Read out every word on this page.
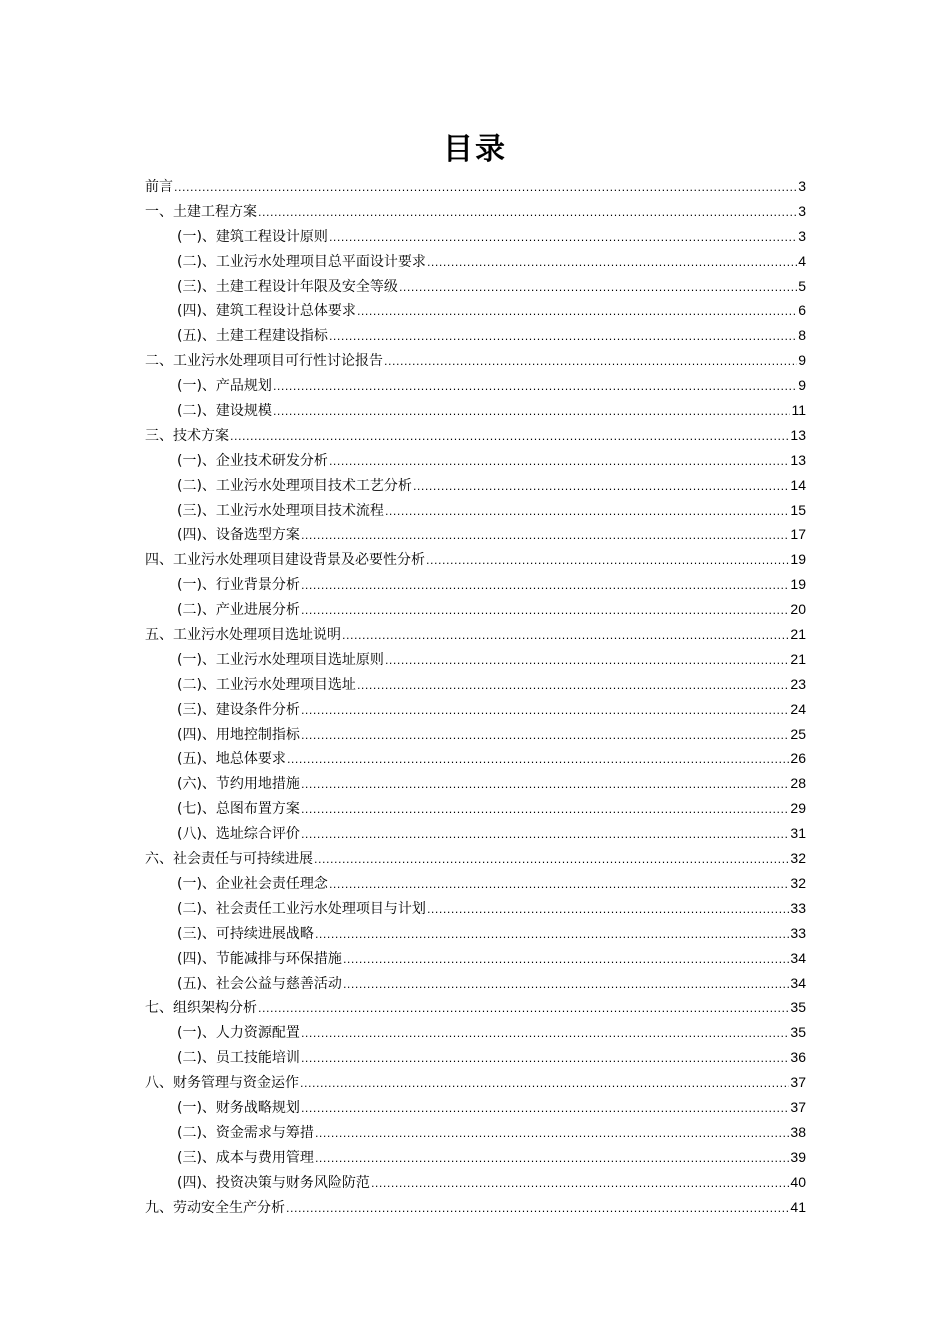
目录
前言 .....	3
一、土建工程方案 .....	3
(一)、建筑工程设计原则 .....	3
(二)、工业污水处理项目总平面设计要求 .....	4
(三)、土建工程设计年限及安全等级 .....	5
(四)、建筑工程设计总体要求 .....	6
(五)、土建工程建设指标 .....	8
二、工业污水处理项目可行性讨论报告 .....	9
(一)、产品规划 .....	9
(二)、建设规模 .....	11
三、技术方案 .....	13
(一)、企业技术研发分析 .....	13
(二)、工业污水处理项目技术工艺分析 .....	14
(三)、工业污水处理项目技术流程 .....	15
(四)、设备选型方案 .....	17
四、工业污水处理项目建设背景及必要性分析 .....	19
(一)、行业背景分析 .....	19
(二)、产业进展分析 .....	20
五、工业污水处理项目选址说明 .....	21
(一)、工业污水处理项目选址原则 .....	21
(二)、工业污水处理项目选址 .....	23
(三)、建设条件分析 .....	24
(四)、用地控制指标 .....	25
(五)、地总体要求 .....	26
(六)、节约用地措施 .....	28
(七)、总图布置方案 .....	29
(八)、选址综合评价 .....	31
六、社会责任与可持续进展 .....	32
(一)、企业社会责任理念 .....	32
(二)、社会责任工业污水处理项目与计划 .....	33
(三)、可持续进展战略 .....	33
(四)、节能减排与环保措施 .....	34
(五)、社会公益与慈善活动 .....	34
七、组织架构分析 .....	35
(一)、人力资源配置 .....	35
(二)、员工技能培训 .....	36
八、财务管理与资金运作 .....	37
(一)、财务战略规划 .....	37
(二)、资金需求与筹措 .....	38
(三)、成本与费用管理 .....	39
(四)、投资决策与财务风险防范 .....	40
九、劳动安全生产分析 .....	41
